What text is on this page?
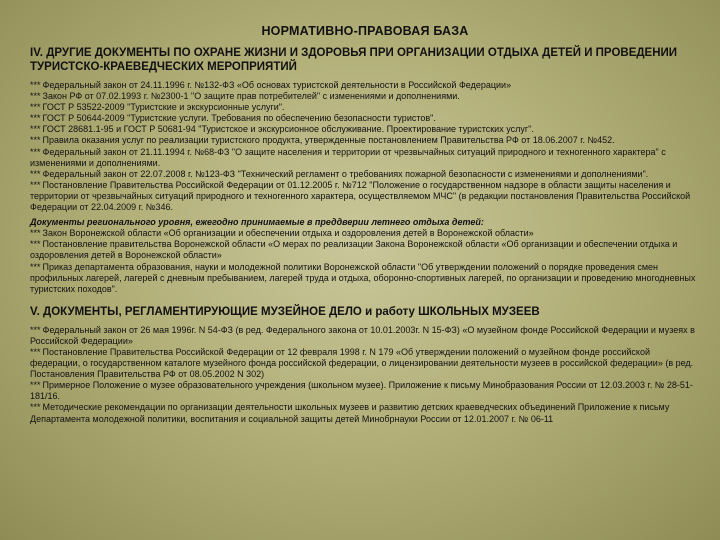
НОРМАТИВНО-ПРАВОВАЯ БАЗА
IV. ДРУГИЕ ДОКУМЕНТЫ ПО ОХРАНЕ ЖИЗНИ И ЗДОРОВЬЯ ПРИ ОРГАНИЗАЦИИ ОТДЫХА ДЕТЕЙ И ПРОВЕДЕНИИ ТУРИСТСКО-КРАЕВЕДЧЕСКИХ МЕРОПРИЯТИЙ
*** Федеральный закон от 24.11.1996 г. №132-ФЗ «Об основах туристской деятельности в Российской Федерации»
*** Закон РФ от 07.02.1993 г. №2300-1 "О защите прав потребителей" с изменениями и дополнениями.
*** ГОСТ Р 53522-2009 "Туристские и экскурсионные услуги".
*** ГОСТ Р 50644-2009 "Туристские услуги. Требования по обеспечению безопасности туристов".
*** ГОСТ 28681.1-95 и ГОСТ Р 50681-94 "Туристское и экскурсионное обслуживание. Проектирование туристских услуг".
*** Правила оказания услуг по реализации туристского продукта, утвержденные постановлением Правительства РФ от 18.06.2007 г. №452.
*** Федеральный закон от 21.11.1994 г. №68-ФЗ "О защите населения и территории от чрезвычайных ситуаций природного и техногенного характера" с изменениями и дополнениями.
*** Федеральный закон от 22.07.2008 г. №123-ФЗ "Технический регламент о требованиях пожарной безопасности с изменениями и дополнениями".
*** Постановление Правительства Российской Федерации от 01.12.2005 г. №712 "Положение о государственном надзоре в области защиты населения и территории от чрезвычайных ситуаций природного и техногенного характера, осуществляемом МЧС" (в редакции постановления Правительства Российской Федерации от 22.04.2009 г. №346.
Документы регионального уровня, ежегодно принимаемые в преддверии летнего отдыха детей:
*** Закон Воронежской области «Об организации и обеспечении отдыха и оздоровления детей в Воронежской области»
*** Постановление правительства Воронежской области «О мерах по реализации Закона Воронежской области «Об организации и обеспечении отдыха и оздоровления детей в Воронежской области»
*** Приказ департамента образования, науки и молодежной политики Воронежской области "Об утверждении положений о порядке проведения смен профильных лагерей, лагерей с дневным пребыванием, лагерей труда и отдыха, оборонно-спортивных лагерей, по организации и проведению многодневных туристских походов".
V. ДОКУМЕНТЫ, РЕГЛАМЕНТИРУЮЩИЕ МУЗЕЙНОЕ ДЕЛО и работу ШКОЛЬНЫХ МУЗЕЕВ
*** Федеральный закон от 26 мая 1996г. N 54-ФЗ (в ред. Федерального закона от 10.01.2003г. N 15-ФЗ) «О музейном фонде Российской Федерации и музеях в Российской Федерации»
*** Постановление Правительства Российской Федерации от 12 февраля 1998 г. N 179 «Об утверждении положений о музейном фонде российской федерации, о государственном каталоге музейного фонда российской федерации, о лицензировании деятельности музеев в российской федерации» (в ред. Постановления Правительства РФ от 08.05.2002 N 302)
*** Примерное Положение о музее образовательного учреждения (школьном музее). Приложение к письму Минобразования России от 12.03.2003 г. № 28-51-181/16.
*** Методические рекомендации по организации деятельности школьных музеев и развитию детских краеведческих объединений Приложение к письму Департамента молодежной политики, воспитания и социальной защиты детей Минобрнауки России от 12.01.2007 г. № 06-11
